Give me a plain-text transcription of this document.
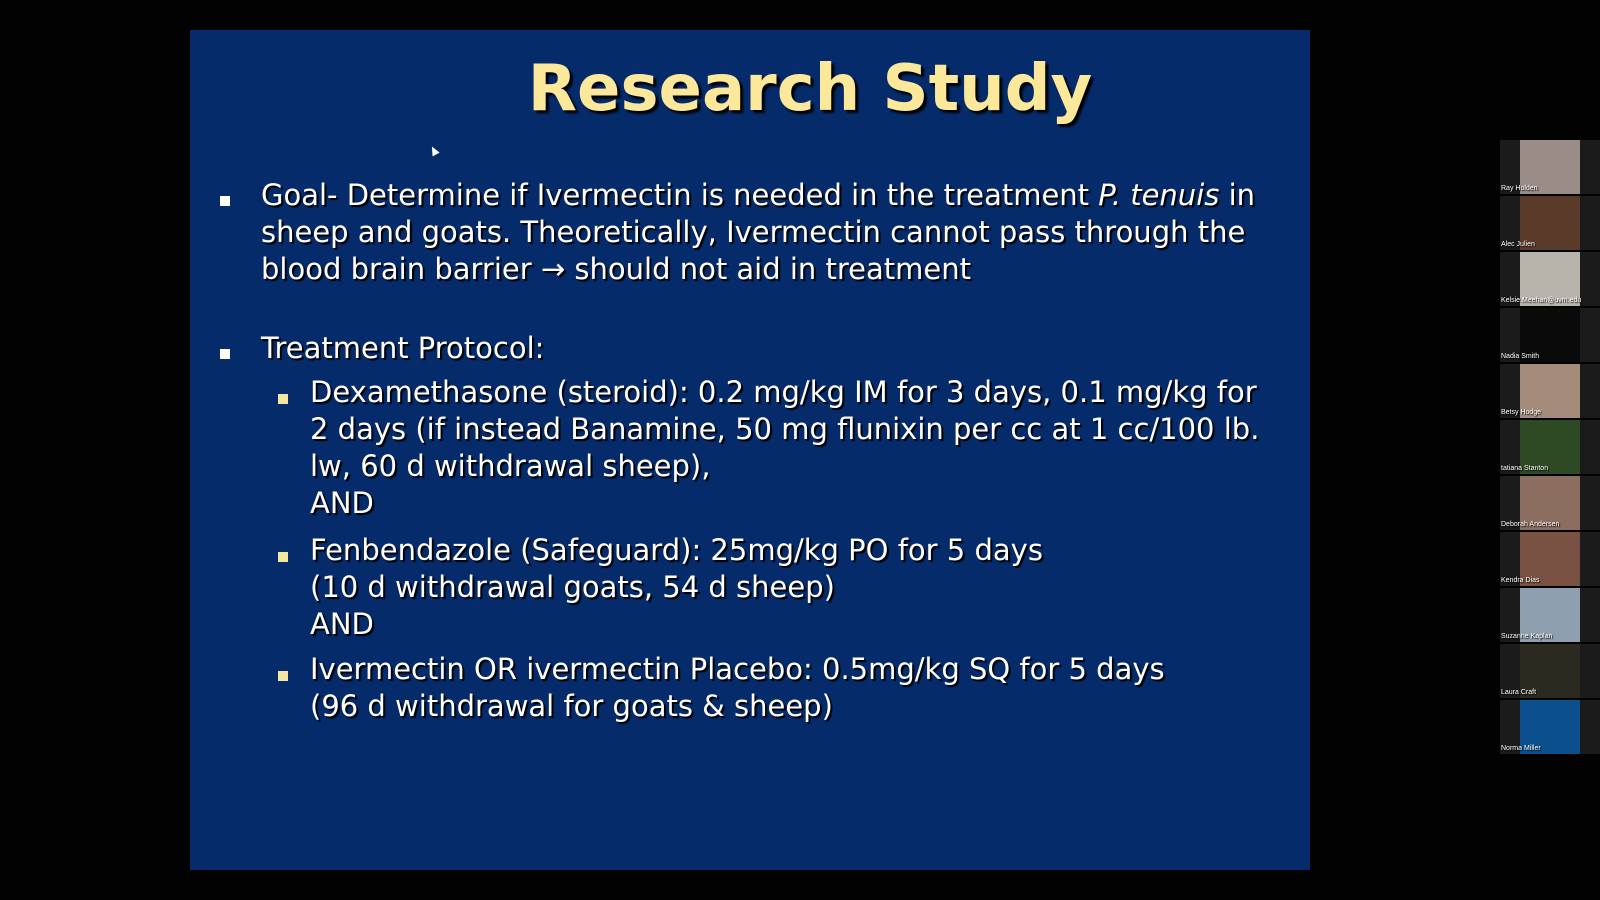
Research Study
Goal- Determine if Ivermectin is needed in the treatment P. tenuis in sheep and goats. Theoretically, Ivermectin cannot pass through the blood brain barrier → should not aid in treatment
Treatment Protocol:
Dexamethasone (steroid): 0.2 mg/kg IM for 3 days, 0.1 mg/kg for 2 days (if instead Banamine, 50 mg flunixin per cc at 1 cc/100 lb. lw, 60 d withdrawal sheep),
AND
Fenbendazole (Safeguard): 25mg/kg PO for 5 days
(10 d withdrawal goats, 54 d sheep)
AND
Ivermectin OR ivermectin Placebo: 0.5mg/kg SQ for 5 days
(96 d withdrawal for goats & sheep)
Ray Holden
Alec Julien
Kelsie.Meehan@uvm.edu
Nadia Smith
Betsy Hodge
tatiana Stanton
Deborah Andersen
Kendra Dias
Suzanne Kaplan
Laura Craft
Norma Miller
